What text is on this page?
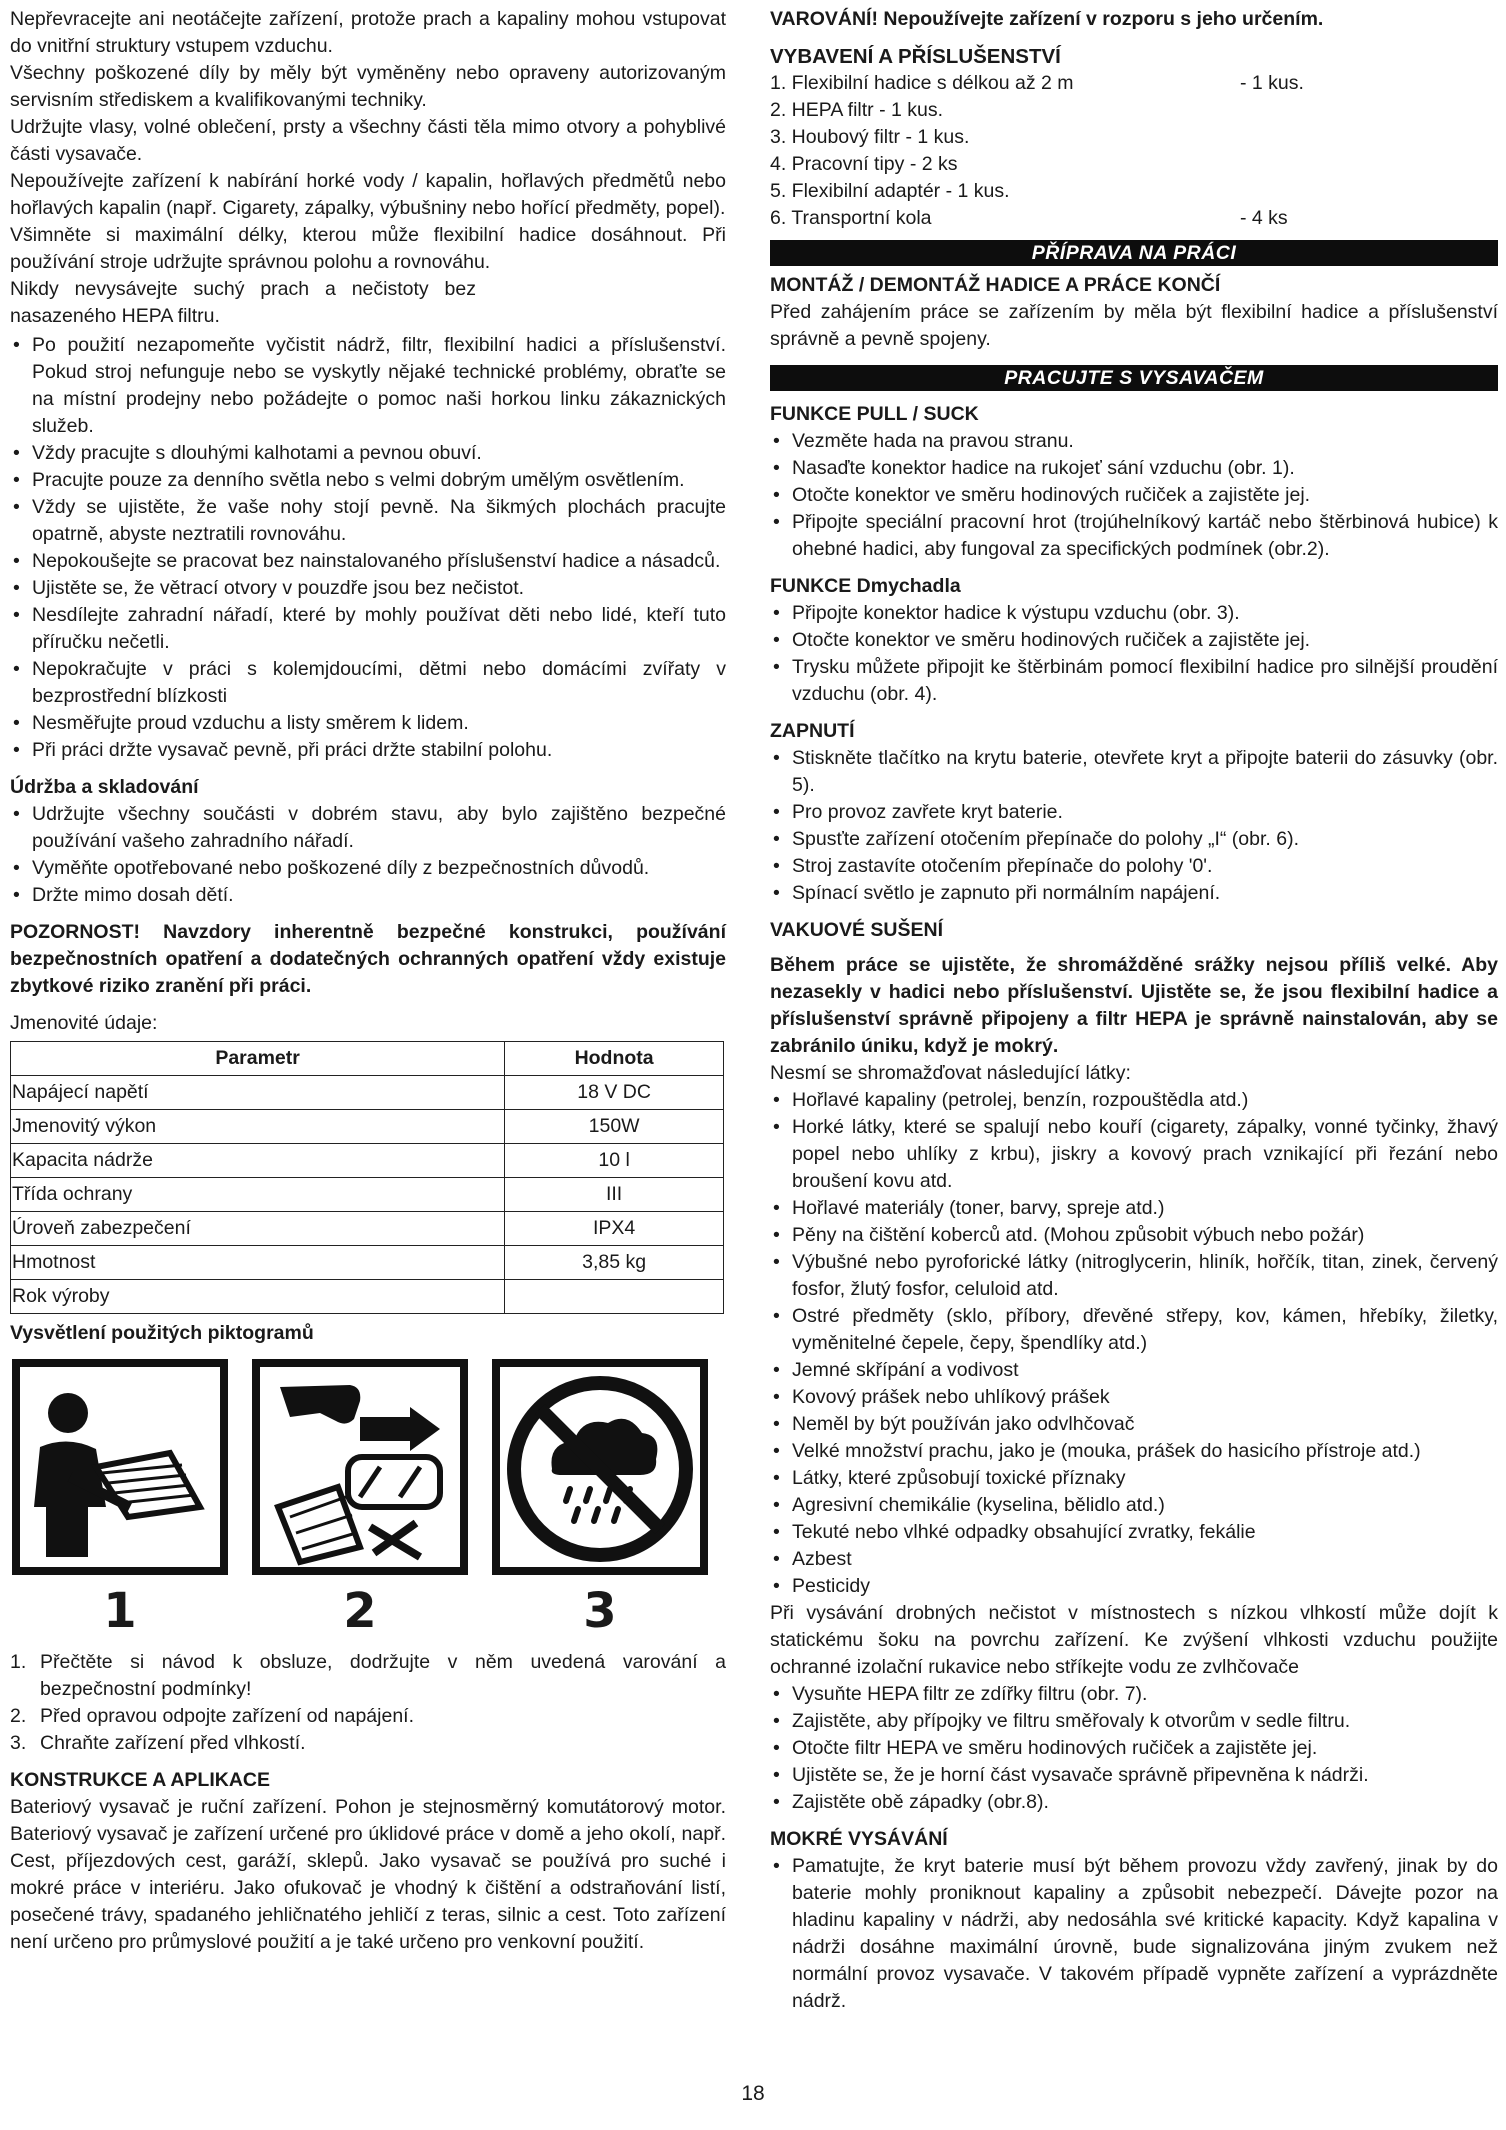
Nepřevracejte ani neotáčejte zařízení, protože prach a kapaliny mohou vstupovat do vnitřní struktury vstupem vzduchu.

Všechny poškozené díly by měly být vyměněny nebo opraveny autorizovaným servisním střediskem a kvalifikovanými techniky.

Udržujte vlasy, volné oblečení, prsty a všechny části těla mimo otvory a pohyblivé části vysavače.

Nepoužívejte zařízení k nabírání horké vody / kapalin, hořlavých předmětů nebo hořlavých kapalin (např. Cigarety, zápalky, výbušniny nebo hořící předměty, popel).

Všimněte si maximální délky, kterou může flexibilní hadice dosáhnout. Při používání stroje udržujte správnou polohu a rovnováhu.

Nikdy nevysávejte suchý prach a nečistoty bez nasazeného HEPA filtru.

• Po použití nezapomeňte vyčistit nádrž, filtr, flexibilní hadici a příslušenství. Pokud stroj nefunguje nebo se vyskytly nějaké technické problémy, obraťte se na místní prodejny nebo požádejte o pomoc naši horkou linku zákaznických služeb.
• Vždy pracujte s dlouhými kalhotami a pevnou obuví.
• Pracujte pouze za denního světla nebo s velmi dobrým umělým osvětlením.
• Vždy se ujistěte, že vaše nohy stojí pevně. Na šikmých plochách pracujte opatrně, abyste neztratili rovnováhu.
• Nepokoušejte se pracovat bez nainstalovaného příslušenství hadice a násadců.
• Ujistěte se, že větrací otvory v pouzdře jsou bez nečistot.
• Nesdílejte zahradní nářadí, které by mohly používat děti nebo lidé, kteří tuto příručku nečetli.
• Nepokračujte v práci s kolemjdoucími, dětmi nebo domácími zvířaty v bezprostřední blízkosti
• Nesměřujte proud vzduchu a listy směrem k lidem.
• Při práci držte vysavač pevně, při práci držte stabilní polohu.

Údržba a skladování

• Udržujte všechny součásti v dobrém stavu, aby bylo zajištěno bezpečné používání vašeho zahradního nářadí.
• Vyměňte opotřebované nebo poškozené díly z bezpečnostních důvodů.
• Držte mimo dosah dětí.

POZORNOST! Navzdory inherentně bezpečné konstrukci, používání bezpečnostních opatření a dodatečných ochranných opatření vždy existuje zbytkové riziko zranění při práci.

Jmenovité údaje:

Parametr	Hodnota
Napájecí napětí	18 V DC
Jmenovitý výkon	150W
Kapacita nádrže	10 l
Třída ochrany	III
Úroveň zabezpečení	IPX4
Hmotnost	3,85 kg
Rok výroby	

Vysvětlení použitých piktogramů

1	2	3
1. Přečtěte si návod k obsluze, dodržujte v něm uvedená varování a bezpečnostní podmínky!
2. Před opravou odpojte zařízení od napájení.
3. Chraňte zařízení před vlhkostí.

KONSTRUKCE A APLIKACE

Bateriový vysavač je ruční zařízení. Pohon je stejnosměrný komutátorový motor. Bateriový vysavač je zařízení určené pro úklidové práce v domě a jeho okolí, např. Cest, příjezdových cest, garáží, sklepů. Jako vysavač se používá pro suché i mokré práce v interiéru. Jako ofukovač je vhodný k čištění a odstraňování listí, posečené trávy, spadaného jehličnatého jehličí z teras, silnic a cest. Toto zařízení není určeno pro průmyslové použití a je také určeno pro venkovní použití.

VAROVÁNÍ! Nepoužívejte zařízení v rozporu s jeho určením.

VYBAVENÍ A PŘÍSLUŠENSTVÍ

1. Flexibilní hadice s délkou až 2 m	- 1 kus.
2. HEPA filtr - 1 kus.
3. Houbový filtr - 1 kus.
4. Pracovní tipy - 2 ks
5. Flexibilní adaptér - 1 kus.
6. Transportní kola	- 4 ks
PŘÍPRAVA NA PRÁCI

MONTÁŽ / DEMONTÁŽ HADICE A PRÁCE KONČÍ

Před zahájením práce se zařízením by měla být flexibilní hadice a příslušenství správně a pevně spojeny.

PRACUJTE S VYSAVAČEM

FUNKCE PULL / SUCK

• Vezměte hada na pravou stranu.
• Nasaďte konektor hadice na rukojeť sání vzduchu (obr. 1).
• Otočte konektor ve směru hodinových ručiček a zajistěte jej.
• Připojte speciální pracovní hrot (trojúhelníkový kartáč nebo štěrbinová hubice) k ohebné hadici, aby fungoval za specifických podmínek (obr.2).

FUNKCE Dmychadla

• Připojte konektor hadice k výstupu vzduchu (obr. 3).
• Otočte konektor ve směru hodinových ručiček a zajistěte jej.
• Trysku můžete připojit ke štěrbinám pomocí flexibilní hadice pro silnější proudění vzduchu (obr. 4).

ZAPNUTÍ

• Stiskněte tlačítko na krytu baterie, otevřete kryt a připojte baterii do zásuvky (obr. 5).
• Pro provoz zavřete kryt baterie.
• Spusťte zařízení otočením přepínače do polohy „I“ (obr. 6).
• Stroj zastavíte otočením přepínače do polohy '0'.
• Spínací světlo je zapnuto při normálním napájení.

VAKUOVÉ SUŠENÍ

Během práce se ujistěte, že shromážděné srážky nejsou příliš velké. Aby nezasekly v hadici nebo příslušenství. Ujistěte se, že jsou flexibilní hadice a příslušenství správně připojeny a filtr HEPA je správně nainstalován, aby se zabránilo úniku, když je mokrý.

Nesmí se shromažďovat následující látky:

• Hořlavé kapaliny (petrolej, benzín, rozpouštědla atd.)
• Horké látky, které se spalují nebo kouří (cigarety, zápalky, vonné tyčinky, žhavý popel nebo uhlíky z krbu), jiskry a kovový prach vznikající při řezání nebo broušení kovu atd.
• Hořlavé materiály (toner, barvy, spreje atd.)
• Pěny na čištění koberců atd. (Mohou způsobit výbuch nebo požár)
• Výbušné nebo pyroforické látky (nitroglycerin, hliník, hořčík, titan, zinek, červený fosfor, žlutý fosfor, celuloid atd.
• Ostré předměty (sklo, příbory, dřevěné střepy, kov, kámen, hřebíky, žiletky, vyměnitelné čepele, čepy, špendlíky atd.)
• Jemné skřípání a vodivost
• Kovový prášek nebo uhlíkový prášek
• Neměl by být používán jako odvlhčovač
• Velké množství prachu, jako je (mouka, prášek do hasicího přístroje atd.)
• Látky, které způsobují toxické příznaky
• Agresivní chemikálie (kyselina, bělidlo atd.)
• Tekuté nebo vlhké odpadky obsahující zvratky, fekálie
• Azbest
• Pesticidy

Při vysávání drobných nečistot v místnostech s nízkou vlhkostí může dojít k statickému šoku na povrchu zařízení. Ke zvýšení vlhkosti vzduchu použijte ochranné izolační rukavice nebo stříkejte vodu ze zvlhčovače

• Vysuňte HEPA filtr ze zdířky filtru (obr. 7).
• Zajistěte, aby přípojky ve filtru směřovaly k otvorům v sedle filtru.
• Otočte filtr HEPA ve směru hodinových ručiček a zajistěte jej.
• Ujistěte se, že je horní část vysavače správně připevněna k nádrži.
• Zajistěte obě západky (obr.8).

MOKRÉ VYSÁVÁNÍ

• Pamatujte, že kryt baterie musí být během provozu vždy zavřený, jinak by do baterie mohly proniknout kapaliny a způsobit nebezpečí. Dávejte pozor na hladinu kapaliny v nádrži, aby nedosáhla své kritické kapacity. Když kapalina v nádrži dosáhne maximální úrovně, bude signalizována jiným zvukem než normální provoz vysavače. V takovém případě vypněte zařízení a vyprázdněte nádrž.
18
